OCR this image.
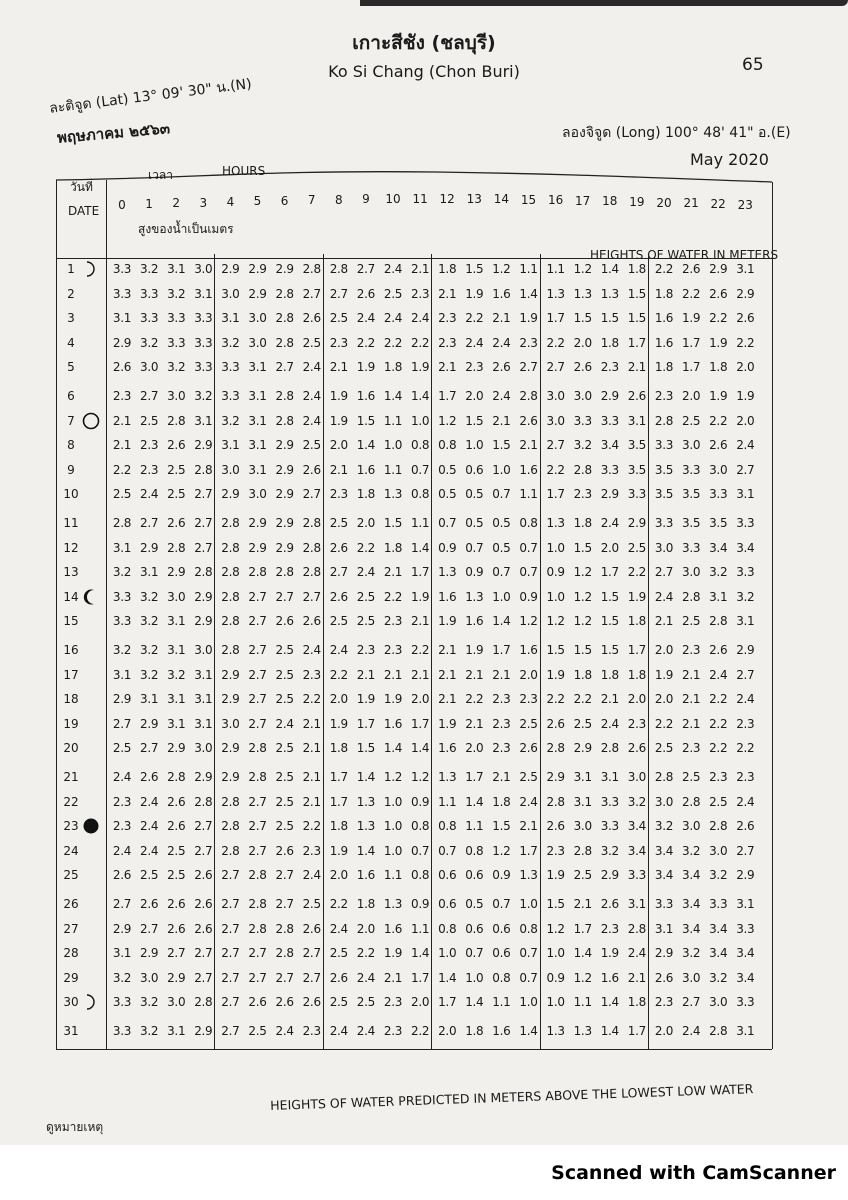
เกาะสีชัง (ชลบุรี)
Ko Si Chang (Chon Buri)	65
ละติจูด (Lat) 13° 09' 30" น.(N)
พฤษภาคม ๒๕๖๓	ลองจิจูด (Long) 100° 48' 41" อ.(E)
May 2020
วันที่
DATE
เวลา	HOURS
สูงของน้ำเป็นเมตร
HEIGHTS OF WATER IN METERS
0	1	2	3	4	5	6	7	8	9	10 11 12 13 14 15 16 17 18 19 20 21 22 23
1	3.3 3.2 3.1 3.0 2.9 2.9 2.9 2.8 2.8 2.7 2.4 2.1 1.8 1.5 1.2 1.1 1.1 1.2 1.4 1.8 2.2 2.6 2.9 3.1
2	3.3 3.3 3.2 3.1 3.0 2.9 2.8 2.7 2.7 2.6 2.5 2.3 2.1 1.9 1.6 1.4 1.3 1.3 1.3 1.5 1.8 2.2 2.6 2.9
3	3.1 3.3 3.3 3.3 3.1 3.0 2.8 2.6 2.5 2.4 2.4 2.4 2.3 2.2 2.1 1.9 1.7 1.5 1.5 1.5 1.6 1.9 2.2 2.6
4	2.9 3.2 3.3 3.3 3.2 3.0 2.8 2.5 2.3 2.2 2.2 2.2 2.3 2.4 2.4 2.3 2.2 2.0 1.8 1.7 1.6 1.7 1.9 2.2
5	2.6 3.0 3.2 3.3 3.3 3.1 2.7 2.4 2.1 1.9 1.8 1.9 2.1 2.3 2.6 2.7 2.7 2.6 2.3 2.1 1.8 1.7 1.8 2.0
6	2.3 2.7 3.0 3.2 3.3 3.1 2.8 2.4 1.9 1.6 1.4 1.4 1.7 2.0 2.4 2.8 3.0 3.0 2.9 2.6 2.3 2.0 1.9 1.9
7	2.1 2.5 2.8 3.1 3.2 3.1 2.8 2.4 1.9 1.5 1.1 1.0 1.2 1.5 2.1 2.6 3.0 3.3 3.3 3.1 2.8 2.5 2.2 2.0
8	2.1 2.3 2.6 2.9 3.1 3.1 2.9 2.5 2.0 1.4 1.0 0.8 0.8 1.0 1.5 2.1 2.7 3.2 3.4 3.5 3.3 3.0 2.6 2.4
9	2.2 2.3 2.5 2.8 3.0 3.1 2.9 2.6 2.1 1.6 1.1 0.7 0.5 0.6 1.0 1.6 2.2 2.8 3.3 3.5 3.5 3.3 3.0 2.7
10	2.5 2.4 2.5 2.7 2.9 3.0 2.9 2.7 2.3 1.8 1.3 0.8 0.5 0.5 0.7 1.1 1.7 2.3 2.9 3.3 3.5 3.5 3.3 3.1
11	2.8 2.7 2.6 2.7 2.8 2.9 2.9 2.8 2.5 2.0 1.5 1.1 0.7 0.5 0.5 0.8 1.3 1.8 2.4 2.9 3.3 3.5 3.5 3.3
12	3.1 2.9 2.8 2.7 2.8 2.9 2.9 2.8 2.6 2.2 1.8 1.4 0.9 0.7 0.5 0.7 1.0 1.5 2.0 2.5 3.0 3.3 3.4 3.4
13	3.2 3.1 2.9 2.8 2.8 2.8 2.8 2.8 2.7 2.4 2.1 1.7 1.3 0.9 0.7 0.7 0.9 1.2 1.7 2.2 2.7 3.0 3.2 3.3
14	3.3 3.2 3.0 2.9 2.8 2.7 2.7 2.7 2.6 2.5 2.2 1.9 1.6 1.3 1.0 0.9 1.0 1.2 1.5 1.9 2.4 2.8 3.1 3.2
15	3.3 3.2 3.1 2.9 2.8 2.7 2.6 2.6 2.5 2.5 2.3 2.1 1.9 1.6 1.4 1.2 1.2 1.2 1.5 1.8 2.1 2.5 2.8 3.1
16	3.2 3.2 3.1 3.0 2.8 2.7 2.5 2.4 2.4 2.3 2.3 2.2 2.1 1.9 1.7 1.6 1.5 1.5 1.5 1.7 2.0 2.3 2.6 2.9
17	3.1 3.2 3.2 3.1 2.9 2.7 2.5 2.3 2.2 2.1 2.1 2.1 2.1 2.1 2.1 2.0 1.9 1.8 1.8 1.8 1.9 2.1 2.4 2.7
18	2.9 3.1 3.1 3.1 2.9 2.7 2.5 2.2 2.0 1.9 1.9 2.0 2.1 2.2 2.3 2.3 2.2 2.2 2.1 2.0 2.0 2.1 2.2 2.4
19	2.7 2.9 3.1 3.1 3.0 2.7 2.4 2.1 1.9 1.7 1.6 1.7 1.9 2.1 2.3 2.5 2.6 2.5 2.4 2.3 2.2 2.1 2.2 2.3
20	2.5 2.7 2.9 3.0 2.9 2.8 2.5 2.1 1.8 1.5 1.4 1.4 1.6 2.0 2.3 2.6 2.8 2.9 2.8 2.6 2.5 2.3 2.2 2.2
21	2.4 2.6 2.8 2.9 2.9 2.8 2.5 2.1 1.7 1.4 1.2 1.2 1.3 1.7 2.1 2.5 2.9 3.1 3.1 3.0 2.8 2.5 2.3 2.3
22	2.3 2.4 2.6 2.8 2.8 2.7 2.5 2.1 1.7 1.3 1.0 0.9 1.1 1.4 1.8 2.4 2.8 3.1 3.3 3.2 3.0 2.8 2.5 2.4
23	2.3 2.4 2.6 2.7 2.8 2.7 2.5 2.2 1.8 1.3 1.0 0.8 0.8 1.1 1.5 2.1 2.6 3.0 3.3 3.4 3.2 3.0 2.8 2.6
24	2.4 2.4 2.5 2.7 2.8 2.7 2.6 2.3 1.9 1.4 1.0 0.7 0.7 0.8 1.2 1.7 2.3 2.8 3.2 3.4 3.4 3.2 3.0 2.7
25	2.6 2.5 2.5 2.6 2.7 2.8 2.7 2.4 2.0 1.6 1.1 0.8 0.6 0.6 0.9 1.3 1.9 2.5 2.9 3.3 3.4 3.4 3.2 2.9
26	2.7 2.6 2.6 2.6 2.7 2.8 2.7 2.5 2.2 1.8 1.3 0.9 0.6 0.5 0.7 1.0 1.5 2.1 2.6 3.1 3.3 3.4 3.3 3.1
27	2.9 2.7 2.6 2.6 2.7 2.8 2.8 2.6 2.4 2.0 1.6 1.1 0.8 0.6 0.6 0.8 1.2 1.7 2.3 2.8 3.1 3.4 3.4 3.3
28	3.1 2.9 2.7 2.7 2.7 2.7 2.8 2.7 2.5 2.2 1.9 1.4 1.0 0.7 0.6 0.7 1.0 1.4 1.9 2.4 2.9 3.2 3.4 3.4
29	3.2 3.0 2.9 2.7 2.7 2.7 2.7 2.7 2.6 2.4 2.1 1.7 1.4 1.0 0.8 0.7 0.9 1.2 1.6 2.1 2.6 3.0 3.2 3.4
30	3.3 3.2 3.0 2.8 2.7 2.6 2.6 2.6 2.5 2.5 2.3 2.0 1.7 1.4 1.1 1.0 1.0 1.1 1.4 1.8 2.3 2.7 3.0 3.3
31	3.3 3.2 3.1 2.9 2.7 2.5 2.4 2.3 2.4 2.4 2.3 2.2 2.0 1.8 1.6 1.4 1.3 1.3 1.4 1.7 2.0 2.4 2.8 3.1
HEIGHTS OF WATER PREDICTED IN METERS ABOVE THE LOWEST LOW WATER
ดูหมายเหตุ
Scanned with CamScanner
